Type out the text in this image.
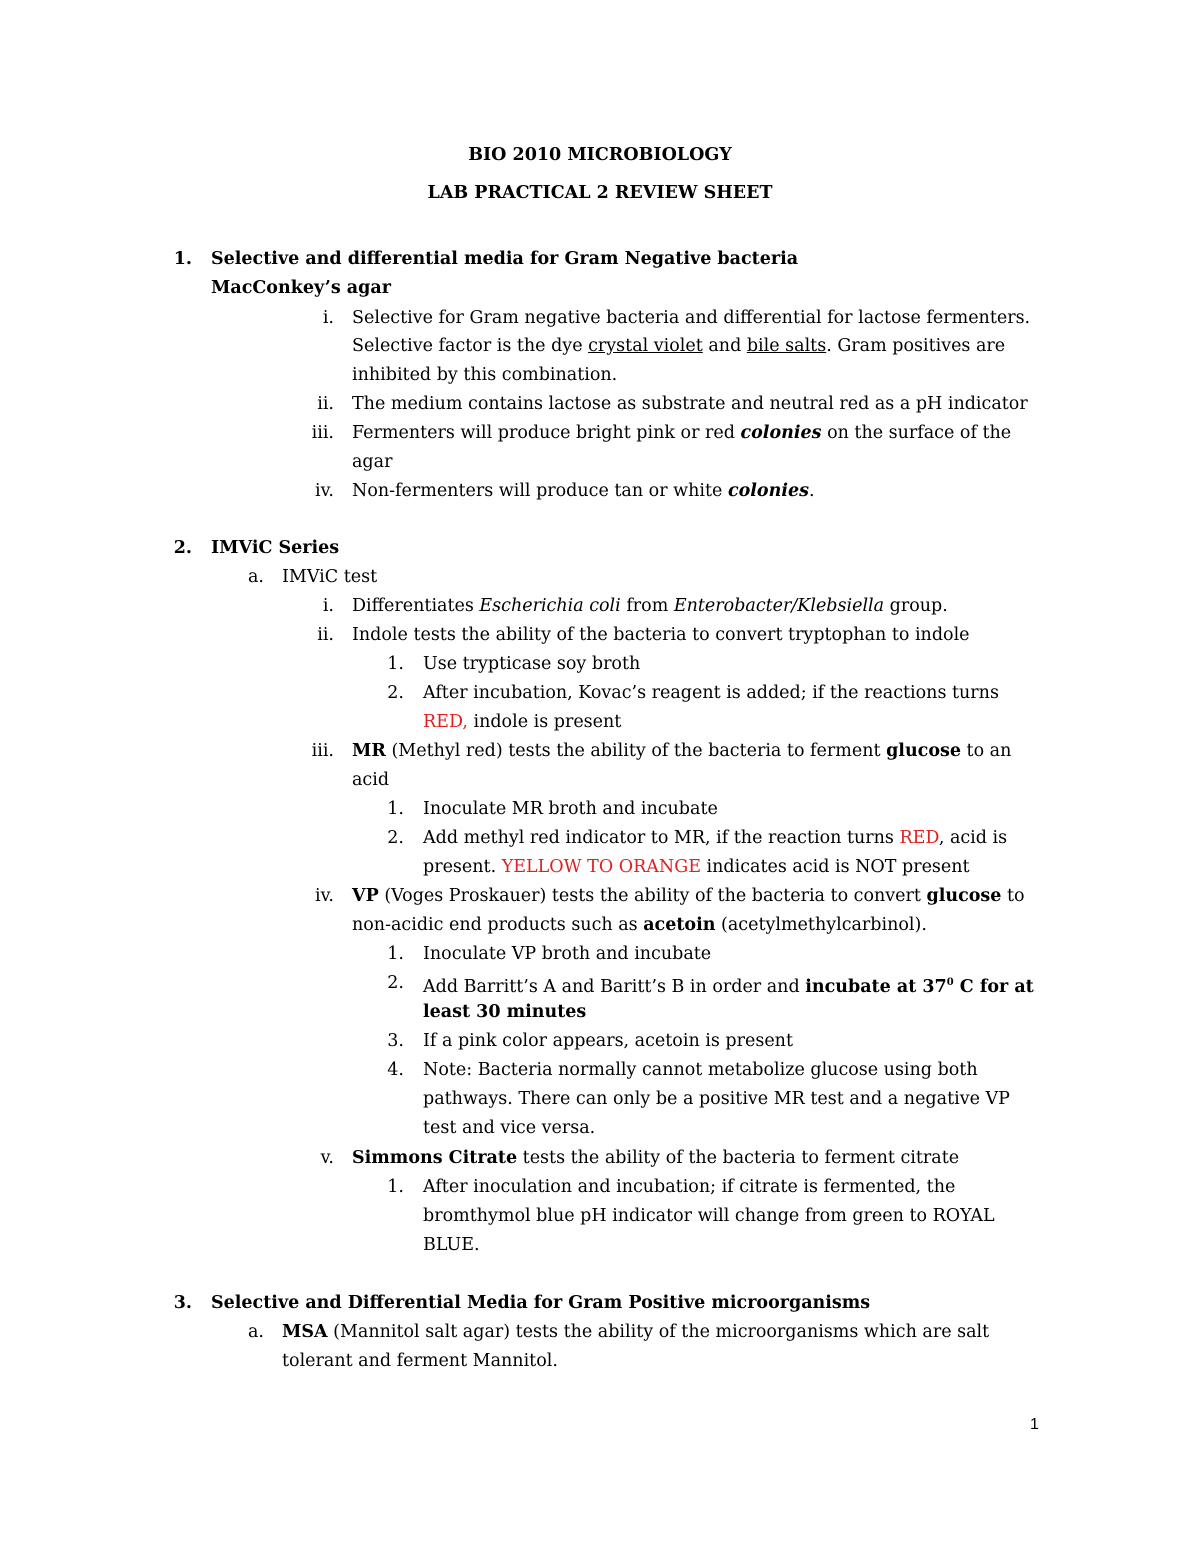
BIO 2010 MICROBIOLOGY
LAB PRACTICAL 2 REVIEW SHEET
1. Selective and differential media for Gram Negative bacteria
MacConkey’s agar
i. Selective for Gram negative bacteria and differential for lactose fermenters.
Selective factor is the dye crystal violet and bile salts. Gram positives are
inhibited by this combination.
ii. The medium contains lactose as substrate and neutral red as a pH indicator
iii. Fermenters will produce bright pink or red colonies on the surface of the
agar
iv. Non-fermenters will produce tan or white colonies.
2. IMViC Series
a. IMViC test
i. Differentiates Escherichia coli from Enterobacter/Klebsiella group.
ii. Indole tests the ability of the bacteria to convert tryptophan to indole
1. Use trypticase soy broth
2. After incubation, Kovac’s reagent is added; if the reactions turns
RED, indole is present
iii. MR (Methyl red) tests the ability of the bacteria to ferment glucose to an
acid
1. Inoculate MR broth and incubate
2. Add methyl red indicator to MR, if the reaction turns RED, acid is
present. YELLOW TO ORANGE indicates acid is NOT present
iv. VP (Voges Proskauer) tests the ability of the bacteria to convert glucose to
non-acidic end products such as acetoin (acetylmethylcarbinol).
1. Inoculate VP broth and incubate
2. Add Barritt’s A and Baritt’s B in order and incubate at $37^0$ C for at
least 30 minutes
3. If a pink color appears, acetoin is present
4. Note: Bacteria normally cannot metabolize glucose using both
pathways. There can only be a positive MR test and a negative VP
test and vice versa.
v. Simmons Citrate tests the ability of the bacteria to ferment citrate
1. After inoculation and incubation; if citrate is fermented, the
bromthymol blue pH indicator will change from green to ROYAL
BLUE.
3. Selective and Differential Media for Gram Positive microorganisms
a. MSA (Mannitol salt agar) tests the ability of the microorganisms which are salt
tolerant and ferment Mannitol.
1
